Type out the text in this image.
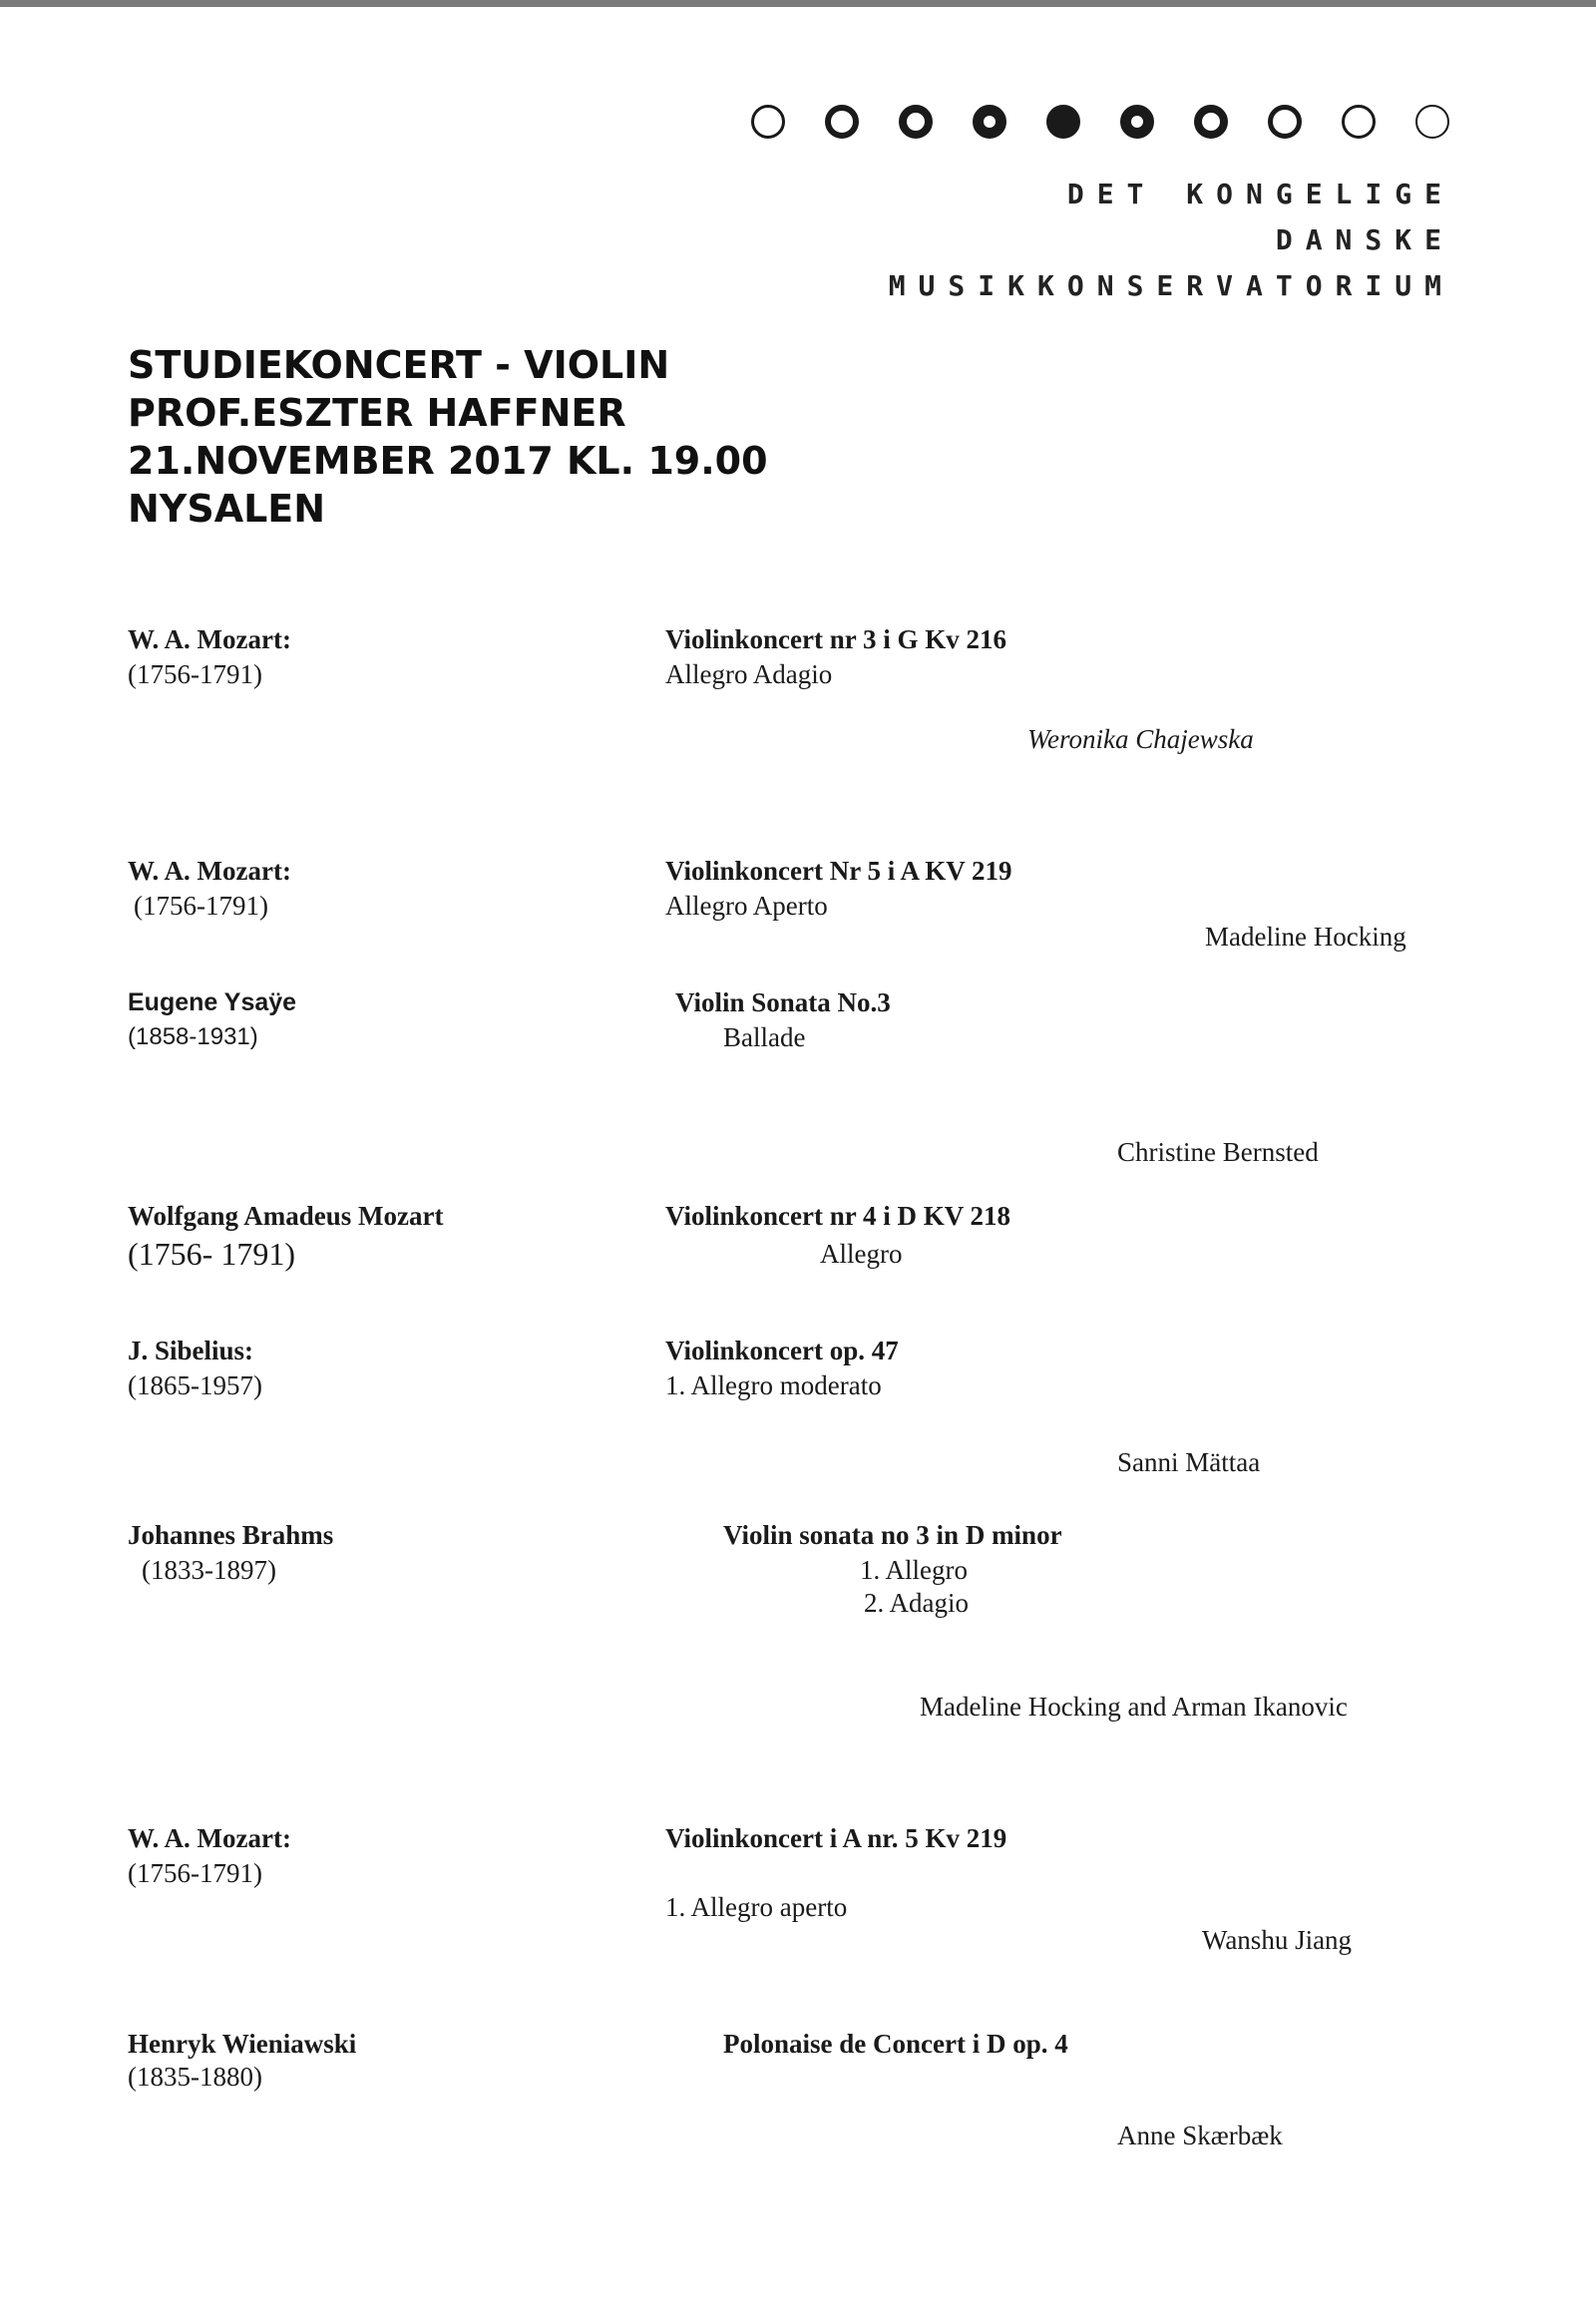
DET KONGELIGE
DANSKE
MUSIKKONSERVATORIUM
STUDIEKONCERT - VIOLIN
PROF.ESZTER HAFFNER
21.NOVEMBER 2017 KL. 19.00
NYSALEN
W. A. Mozart:
(1756-1791)
Violinkoncert nr 3 i G Kv 216
Allegro Adagio
Weronika Chajewska
W. A. Mozart:
(1756-1791)
Violinkoncert Nr 5 i A KV 219
Allegro Aperto
Madeline Hocking
Eugene Ysaÿe
(1858-1931)
Violin Sonata No.3
Ballade
Christine Bernsted
Wolfgang Amadeus Mozart
(1756- 1791)
Violinkoncert nr 4 i D KV 218
Allegro
J. Sibelius:
(1865-1957)
Violinkoncert op. 47
1. Allegro moderato
Sanni Mättaa
Johannes Brahms
(1833-1897)
Violin sonata no 3 in D minor
1. Allegro
2. Adagio
Madeline Hocking and Arman Ikanovic
W. A. Mozart:
(1756-1791)
Violinkoncert i A nr. 5 Kv 219
1. Allegro aperto
Wanshu Jiang
Henryk Wieniawski
(1835-1880)
Polonaise de Concert i D op. 4
Anne Skærbæk
